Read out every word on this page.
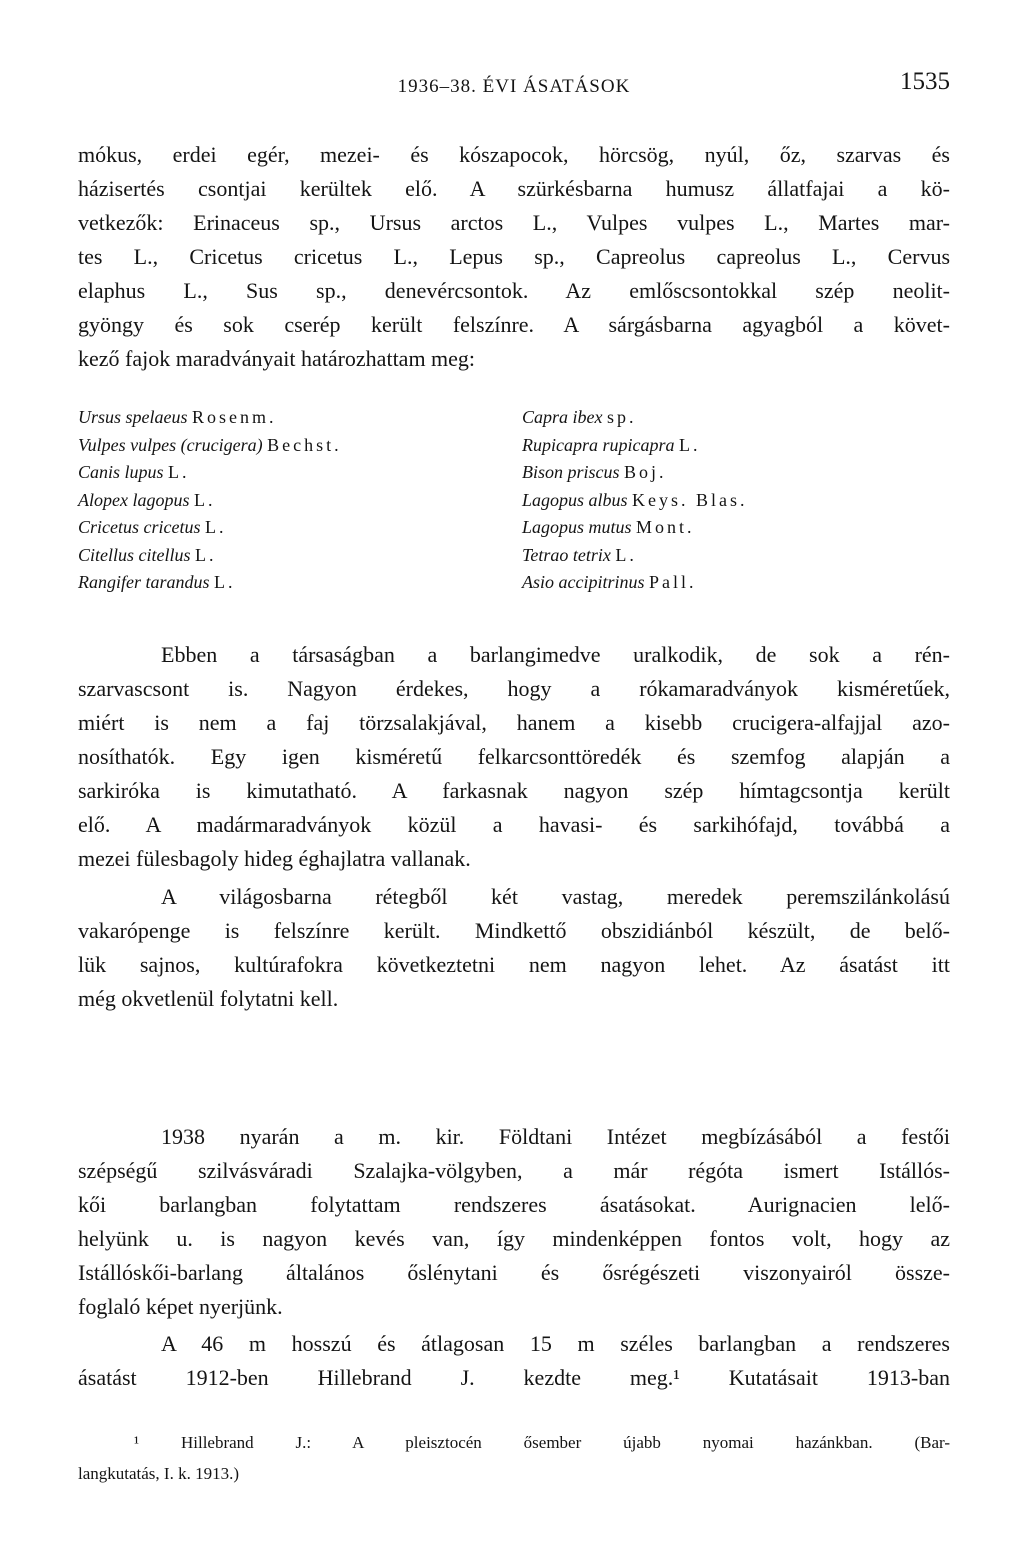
1936–38. ÉVI ÁSATÁSOK	1535
mókus, erdei egér, mezei- és kószapocok, hörcsög, nyúl, őz, szarvas és
házisertés csontjai kerültek elő. A szürkésbarna humusz állatfajai a kö-
vetkezők: Erinaceus sp., Ursus arctos L., Vulpes vulpes L., Martes mar-
tes L., Cricetus cricetus L., Lepus sp., Capreolus capreolus L., Cervus
elaphus L., Sus sp., denevércsontok. Az emlőscsontokkal szép neolit-
gyöngy és sok cserép került felszínre. A sárgásbarna agyagból a követ-
kező fajok maradványait határozhattam meg:
Ursus spelaeus Rosenm.
Vulpes vulpes (crucigera) Bechst.
Canis lupus L.
Alopex lagopus L.
Cricetus cricetus L.
Citellus citellus L.
Rangifer tarandus L.
Capra ibex sp.
Rupicapra rupicapra L.
Bison priscus Boj.
Lagopus albus Keys. Blas.
Lagopus mutus Mont.
Tetrao tetrix L.
Asio accipitrinus Pall.
Ebben a társaságban a barlangimedve uralkodik, de sok a rén-
szarvascsont is. Nagyon érdekes, hogy a rókamaradványok kisméretűek,
miért is nem a faj törzsalakjával, hanem a kisebb crucigera-alfajjal azo-
nosíthatók. Egy igen kisméretű felkarcsonttöredék és szemfog alapján a
sarkiróka is kimutatható. A farkasnak nagyon szép hímtagcsontja került
elő. A madármaradványok közül a havasi- és sarkihófajd, továbbá a
mezei fülesbagoly hideg éghajlatra vallanak.
A világosbarna rétegből két vastag, meredek peremszilánkolású
vakarópenge is felszínre került. Mindkettő obszidiánból készült, de belő-
lük sajnos, kultúrafokra következtetni nem nagyon lehet. Az ásatást itt
még okvetlenül folytatni kell.
1938 nyarán a m. kir. Földtani Intézet megbízásából a festői
szépségű szilvásváradi Szalajka-völgyben, a már régóta ismert Istállós-
kői barlangban folytattam rendszeres ásatásokat. Aurignacien lelő-
helyünk u. is nagyon kevés van, így mindenképpen fontos volt, hogy az
Istállóskői-barlang általános őslénytani és ősrégészeti viszonyairól össze-
foglaló képet nyerjünk.
A 46 m hosszú és átlagosan 15 m széles barlangban a rendszeres
ásatást 1912-ben Hillebrand J. kezdte meg.¹ Kutatásait 1913-ban
¹ Hillebrand J.: A pleisztocén ősember újabb nyomai hazánkban. (Bar-
langkutatás, I. k. 1913.)
